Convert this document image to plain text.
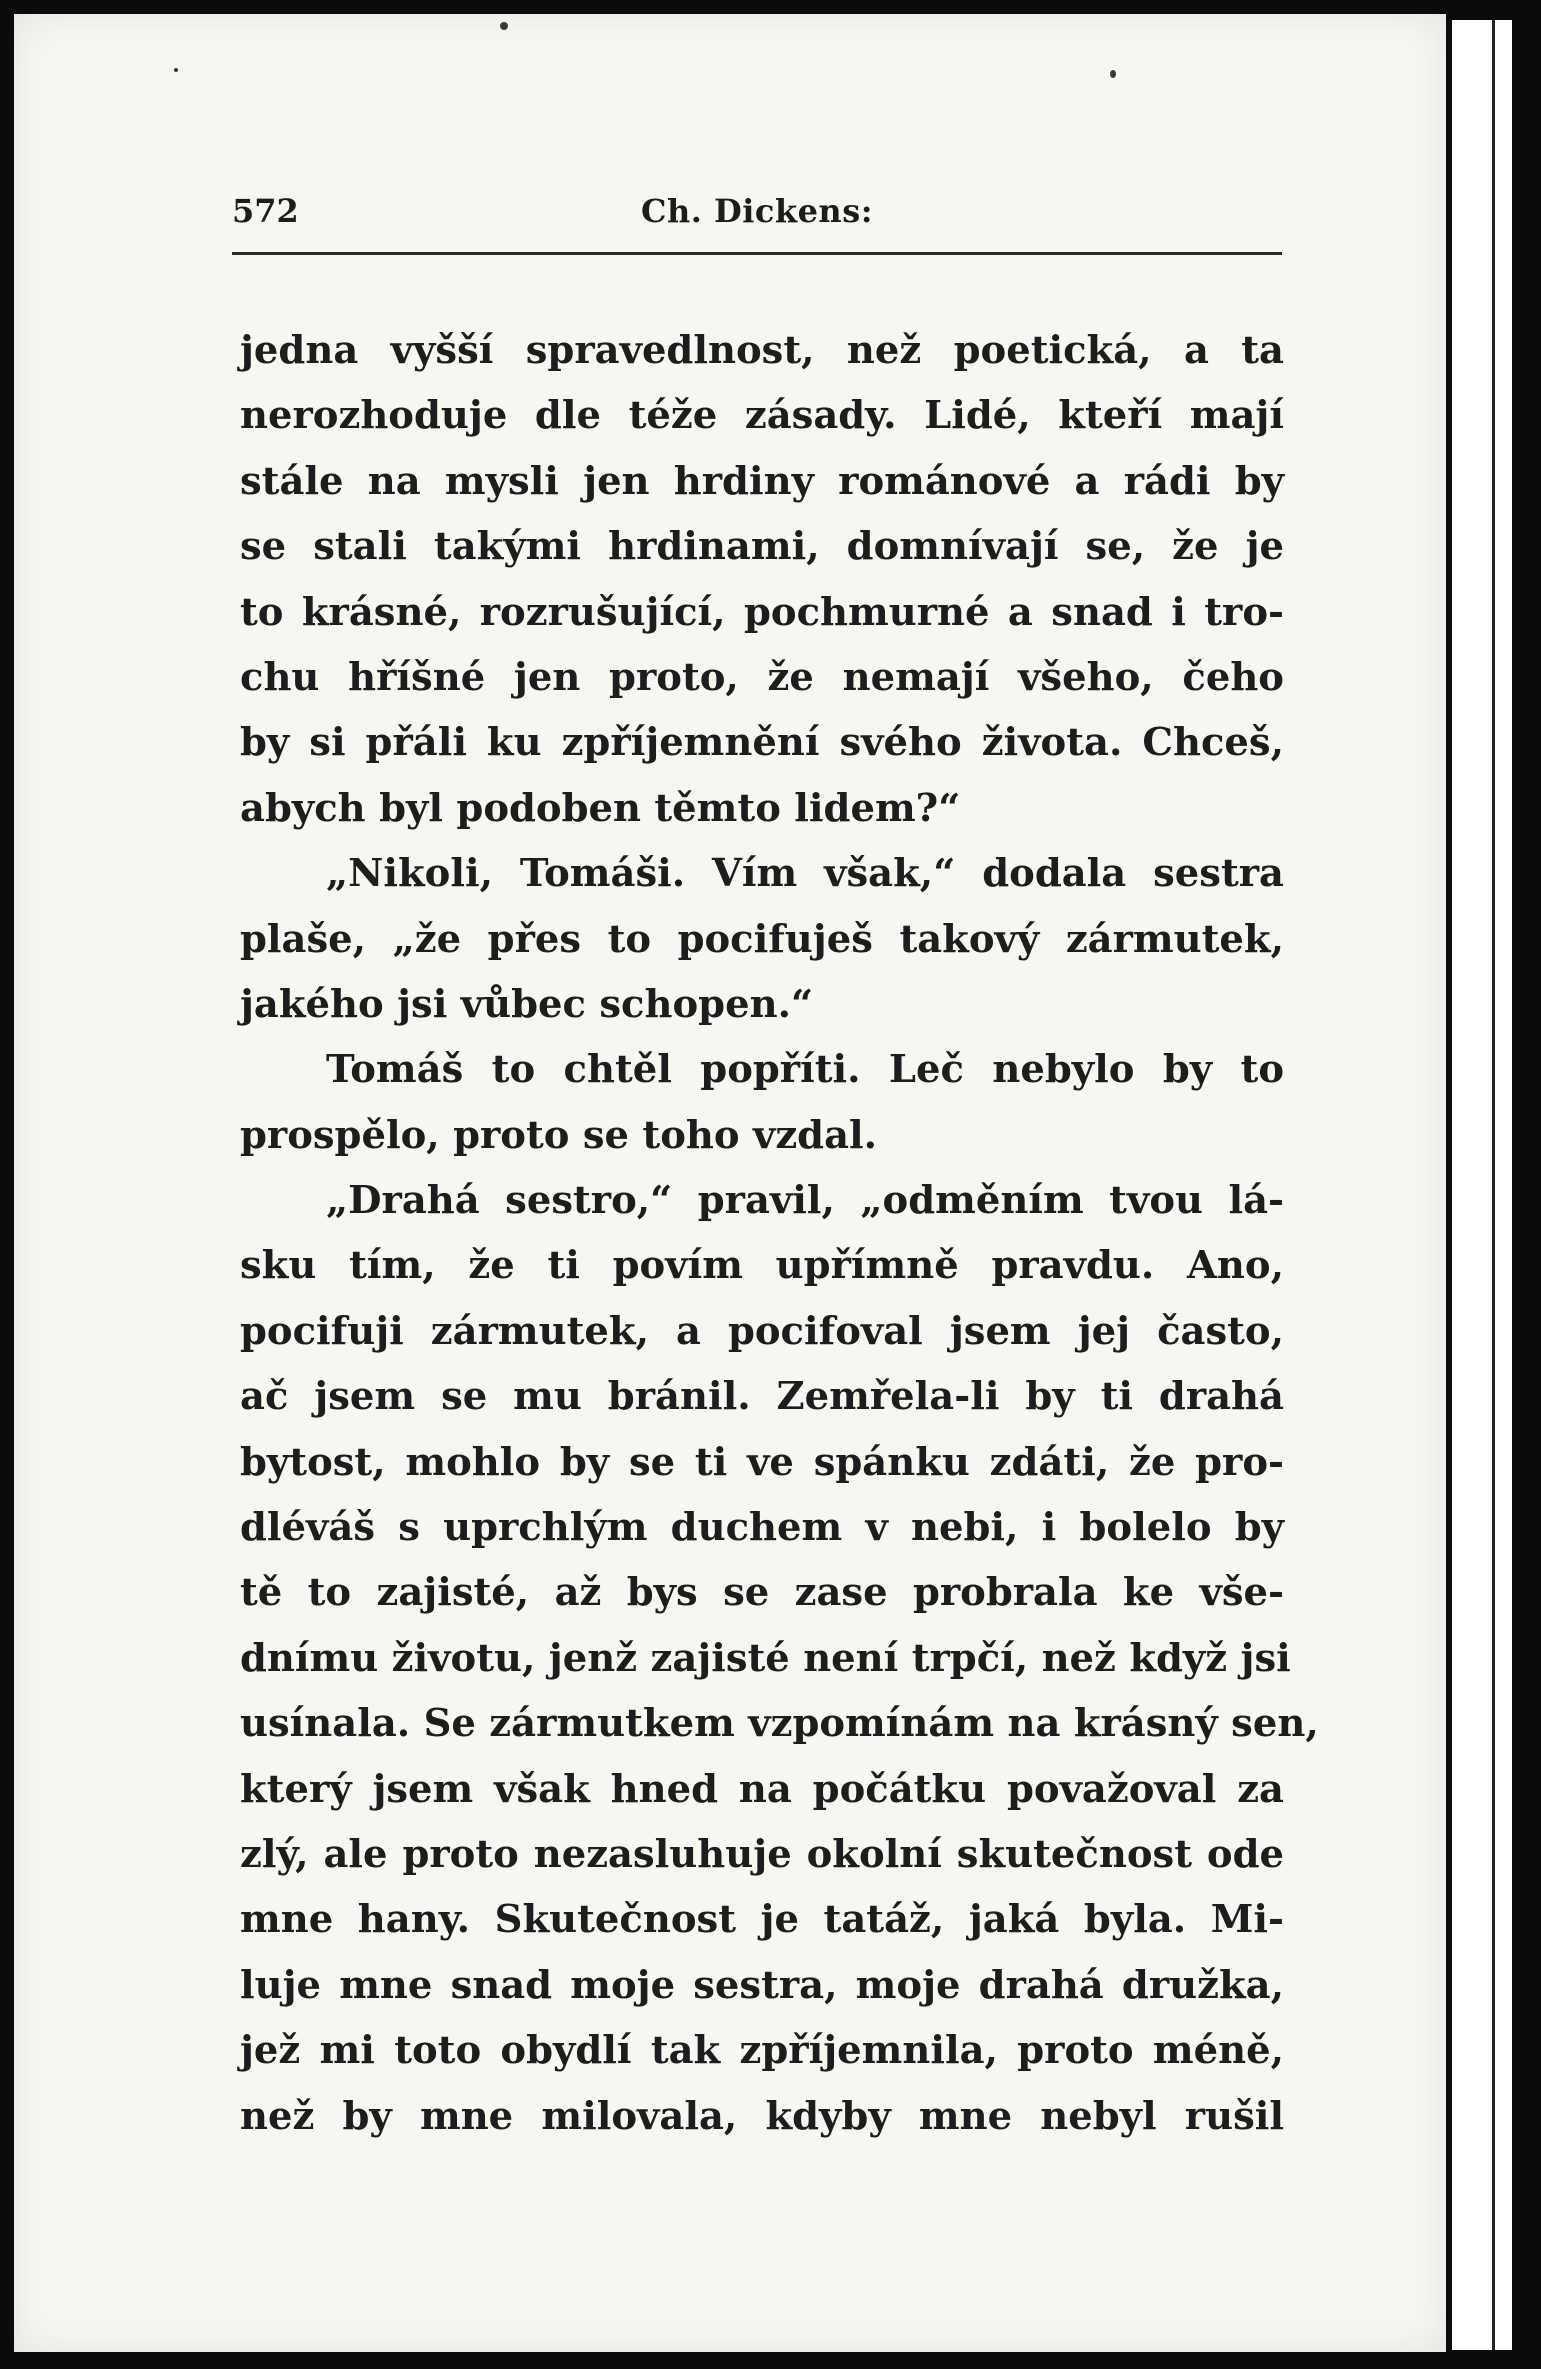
572	Ch. Dickens:
jedna vyšší spravedlnost, než poetická, a ta
nerozhoduje dle téže zásady. Lidé, kteří mají
stále na mysli jen hrdiny románové a rádi by
se stali takými hrdinami, domnívají se, že je
to krásné, rozrušující, pochmurné a snad i tro-
chu hříšné jen proto, že nemají všeho, čeho
by si přáli ku zpříjemnění svého života. Chceš,
abych byl podoben těmto lidem?“
„Nikoli, Tomáši. Vím však,“ dodala sestra
plaše, „že přes to pocifuješ takový zármutek,
jakého jsi vůbec schopen.“
Tomáš to chtěl popříti. Leč nebylo by to
prospělo, proto se toho vzdal.
„Drahá sestro,“ pravil, „odměním tvou lá-
sku tím, že ti povím upřímně pravdu. Ano,
pocifuji zármutek, a pocifoval jsem jej často,
ač jsem se mu bránil. Zemřela-li by ti drahá
bytost, mohlo by se ti ve spánku zdáti, že pro-
dléváš s uprchlým duchem v nebi, i bolelo by
tě to zajisté, až bys se zase probrala ke vše-
dnímu životu, jenž zajisté není trpčí, než když jsi
usínala. Se zármutkem vzpomínám na krásný sen,
který jsem však hned na počátku považoval za
zlý, ale proto nezasluhuje okolní skutečnost ode
mne hany. Skutečnost je tatáž, jaká byla. Mi-
luje mne snad moje sestra, moje drahá družka,
jež mi toto obydlí tak zpříjemnila, proto méně,
než by mne milovala, kdyby mne nebyl rušil
